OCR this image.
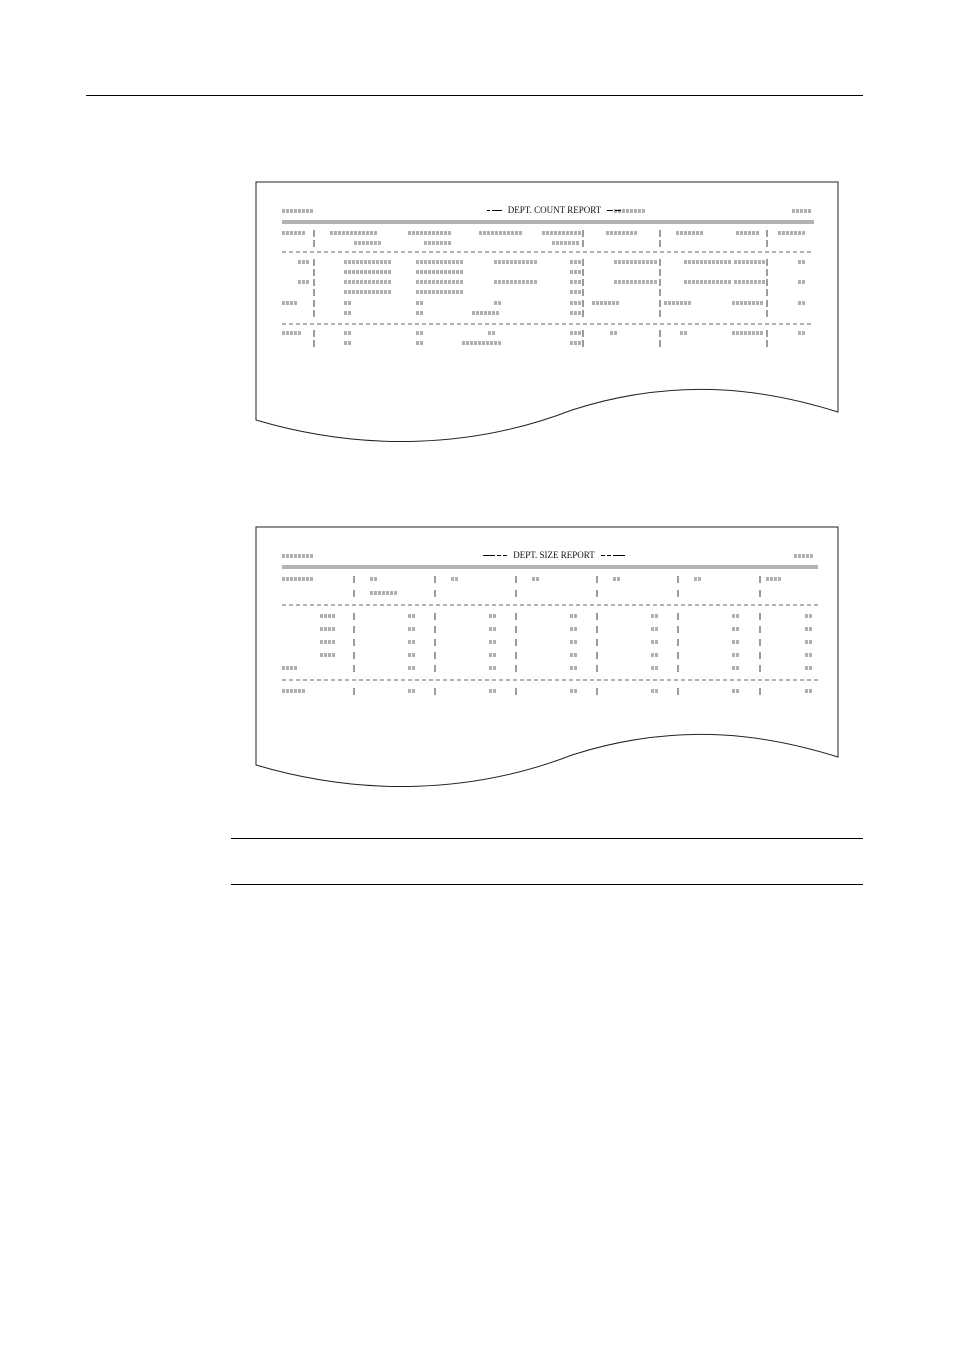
DEPT. COUNT REPORT
DEPT. SIZE REPORT
